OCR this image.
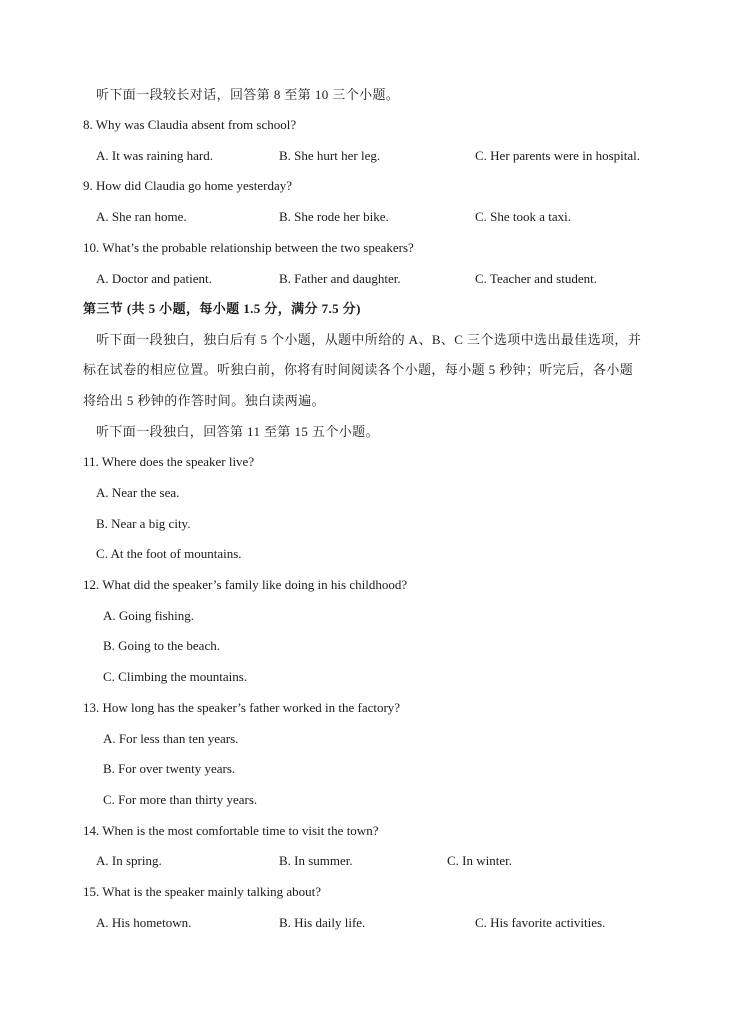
听下面一段较长对话，回答第 8 至第 10 三个小题。
8. Why was Claudia absent from school?
A. It was raining hard.	B. She hurt her leg.	C. Her parents were in hospital.
9. How did Claudia go home yesterday?
A. She ran home.	B. She rode her bike.	C. She took a taxi.
10. What’s the probable relationship between the two speakers?
A. Doctor and patient.	B. Father and daughter.	C. Teacher and student.
第三节 (共 5 小题，每小题 1.5 分，满分 7.5 分)
听下面一段独白，独白后有 5 个小题，从题中所给的 A、B、C 三个选项中选出最佳选项，并
标在试卷的相应位置。听独白前，你将有时间阅读各个小题，每小题 5 秒钟；听完后，各小题
将给出 5 秒钟的作答时间。独白读两遍。
听下面一段独白，回答第 11 至第 15 五个小题。
11. Where does the speaker live?
A. Near the sea.
B. Near a big city.
C. At the foot of mountains.
12. What did the speaker’s family like doing in his childhood?
A. Going fishing.
B. Going to the beach.
C. Climbing the mountains.
13. How long has the speaker’s father worked in the factory?
A. For less than ten years.
B. For over twenty years.
C. For more than thirty years.
14. When is the most comfortable time to visit the town?
A. In spring.	B. In summer.	C. In winter.
15. What is the speaker mainly talking about?
A. His hometown.	B. His daily life.	C. His favorite activities.
